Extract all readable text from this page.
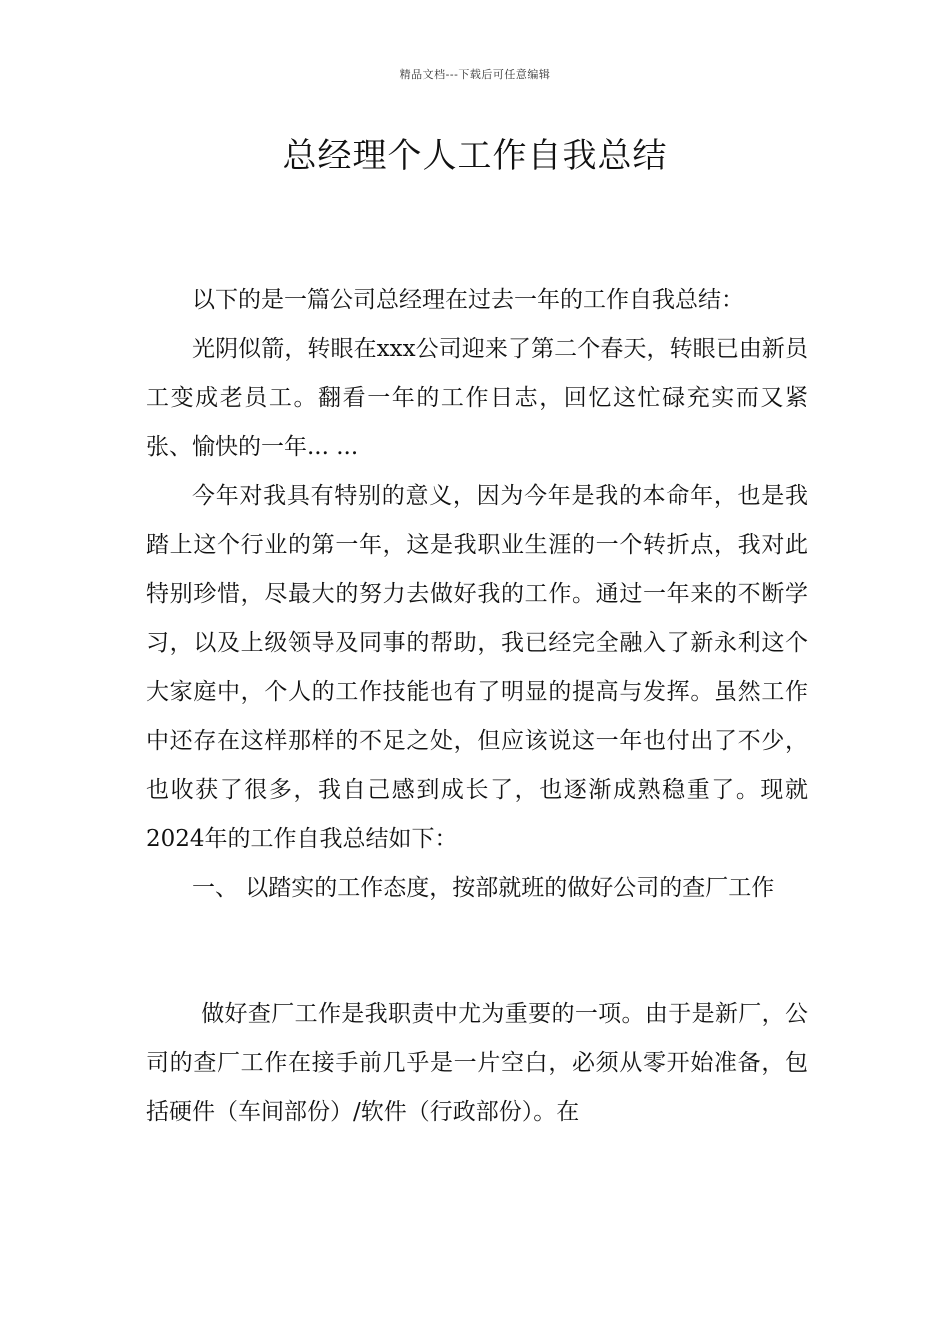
精品文档---下载后可任意编辑
总经理个人工作自我总结

以下的是一篇公司总经理在过去一年的工作自我总结：

光阴似箭，转眼在xxx公司迎来了第二个春天，转眼已由新员工变成老员工。翻看一年的工作日志，回忆这忙碌充实而又紧张、愉快的一年... ...

今年对我具有特别的意义，因为今年是我的本命年，也是我踏上这个行业的第一年，这是我职业生涯的一个转折点，我对此特别珍惜，尽最大的努力去做好我的工作。通过一年来的不断学习，以及上级领导及同事的帮助，我已经完全融入了新永利这个大家庭中，个人的工作技能也有了明显的提高与发挥。虽然工作中还存在这样那样的不足之处，但应该说这一年也付出了不少，也收获了很多，我自己感到成长了，也逐渐成熟稳重了。现就2024年的工作自我总结如下：

一、 以踏实的工作态度，按部就班的做好公司的查厂工作

做好查厂工作是我职责中尤为重要的一项。由于是新厂，公司的查厂工作在接手前几乎是一片空白，必须从零开始准备，包括硬件（车间部份）/软件（行政部份）。在
